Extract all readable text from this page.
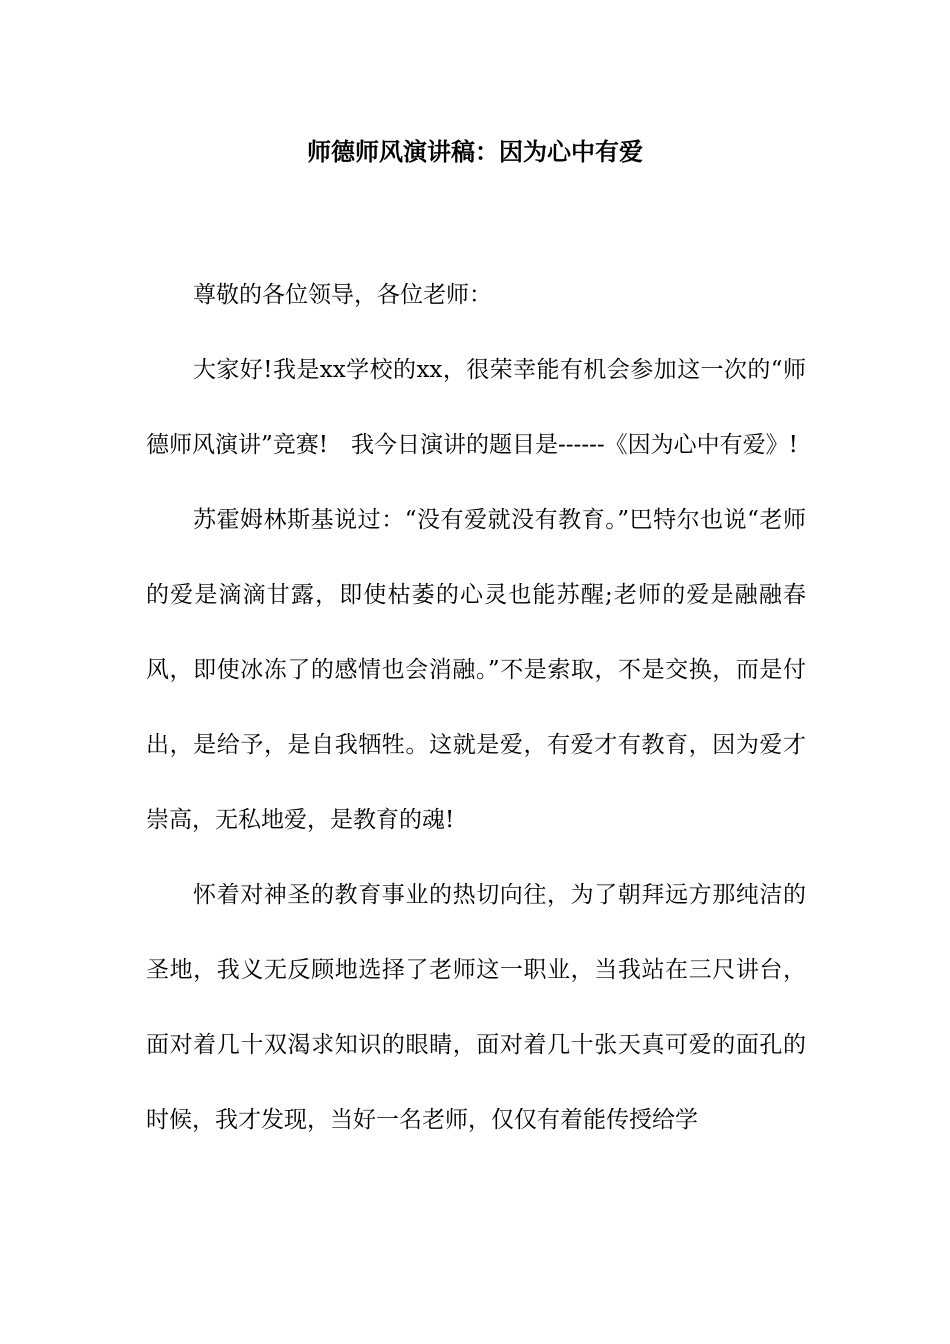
师德师风演讲稿：因为心中有爱

尊敬的各位领导，各位老师：

大家好!我是xx学校的xx，很荣幸能有机会参加这一次的“师德师风演讲”竞赛!　我今日演讲的题目是------《因为心中有爱》!

苏霍姆林斯基说过：“没有爱就没有教育。”巴特尔也说“老师的爱是滴滴甘露，即使枯萎的心灵也能苏醒;老师的爱是融融春风，即使冰冻了的感情也会消融。”不是索取，不是交换，而是付出，是给予，是自我牺牲。这就是爱，有爱才有教育，因为爱才崇高，无私地爱，是教育的魂!

怀着对神圣的教育事业的热切向往，为了朝拜远方那纯洁的圣地，我义无反顾地选择了老师这一职业，当我站在三尺讲台，面对着几十双渴求知识的眼睛，面对着几十张天真可爱的面孔的时候，我才发现，当好一名老师，仅仅有着能传授给学
